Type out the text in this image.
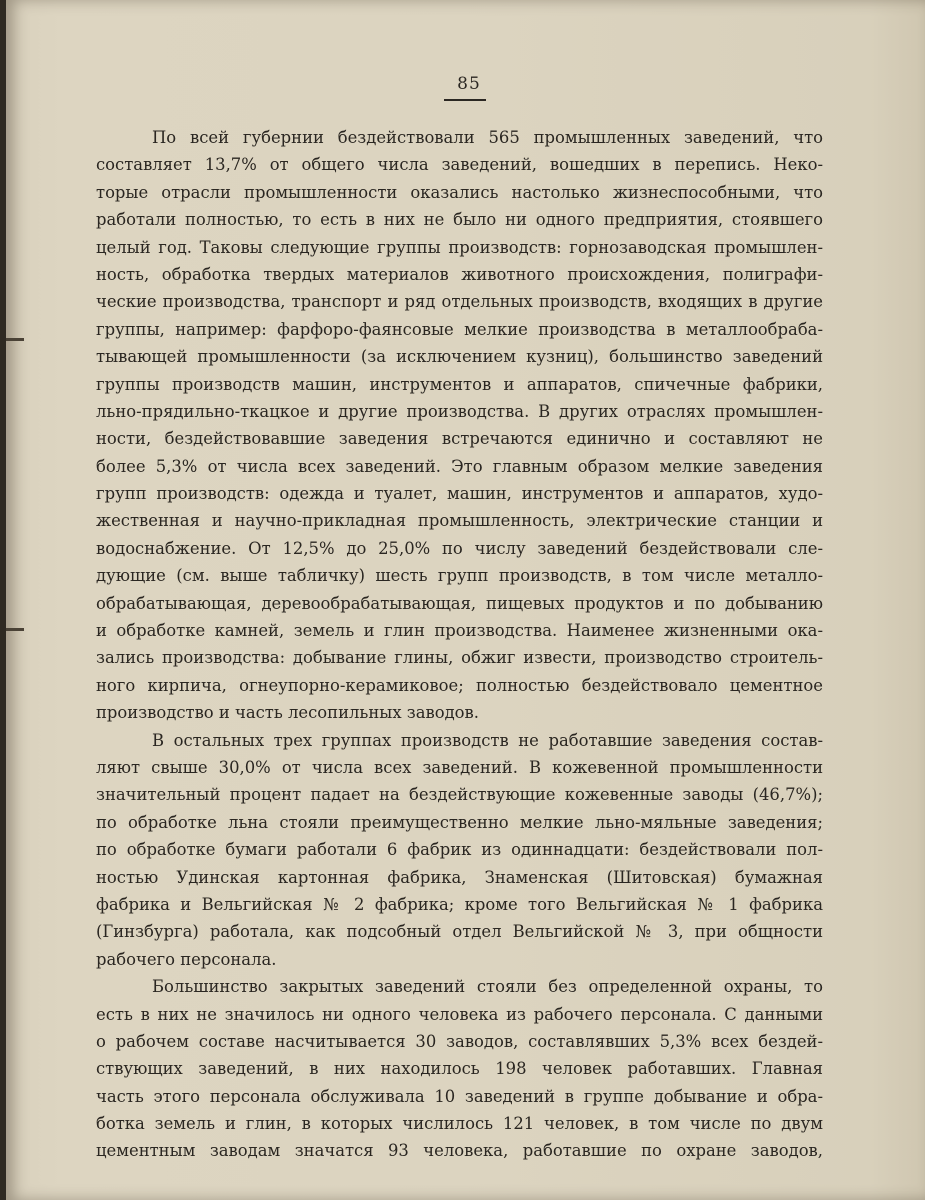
85
По всей губернии бездействовали 565 промышленных заведений, что
составляет 13,7% от общего числа заведений, вошедших в перепись. Неко-
торые отрасли промышленности оказались настолько жизнеспособными, что
работали полностью, то есть в них не было ни одного предприятия, стоявшего
целый год. Таковы следующие группы производств: горнозаводская промышлен-
ность, обработка твердых материалов животного происхождения, полиграфи-
ческие производства, транспорт и ряд отдельных производств, входящих в другие
группы, например: фарфоро-фаянсовые мелкие производства в металлообраба-
тывающей промышленности (за исключением кузниц), большинство заведений
группы производств машин, инструментов и аппаратов, спичечные фабрики,
льно-прядильно-ткацкое и другие производства. В других отраслях промышлен-
ности, бездействовавшие заведения встречаются единично и составляют не
более 5,3% от числа всех заведений. Это главным образом мелкие заведения
групп производств: одежда и туалет, машин, инструментов и аппаратов, худо-
жественная и научно-прикладная промышленность, электрические станции и
водоснабжение. От 12,5% до 25,0% по числу заведений бездействовали сле-
дующие (см. выше табличку) шесть групп производств, в том числе металло-
обрабатывающая, деревообрабатывающая, пищевых продуктов и по добыванию
и обработке камней, земель и глин производства. Наименее жизненными ока-
зались производства: добывание глины, обжиг извести, производство строитель-
ного кирпича, огнеупорно-керамиковое; полностью бездействовало цементное
производство и часть лесопильных заводов.
В остальных трех группах производств не работавшие заведения состав-
ляют свыше 30,0% от числа всех заведений. В кожевенной промышленности
значительный процент падает на бездействующие кожевенные заводы (46,7%);
по обработке льна стояли преимущественно мелкие льно-мяльные заведения;
по обработке бумаги работали 6 фабрик из одиннадцати: бездействовали пол-
ностью Удинская картонная фабрика, Знаменская (Шитовская) бумажная
фабрика и Вельгийская № 2 фабрика; кроме того Вельгийская № 1 фабрика
(Гинзбурга) работала, как подсобный отдел Вельгийской № 3, при общности
рабочего персонала.
Большинство закрытых заведений стояли без определенной охраны, то
есть в них не значилось ни одного человека из рабочего персонала. С данными
о рабочем составе насчитывается 30 заводов, составлявших 5,3% всех бездей-
ствующих заведений, в них находилось 198 человек работавших. Главная
часть этого персонала обслуживала 10 заведений в группе добывание и обра-
ботка земель и глин, в которых числилось 121 человек, в том числе по двум
цементным заводам значатся 93 человека, работавшие по охране заводов,
